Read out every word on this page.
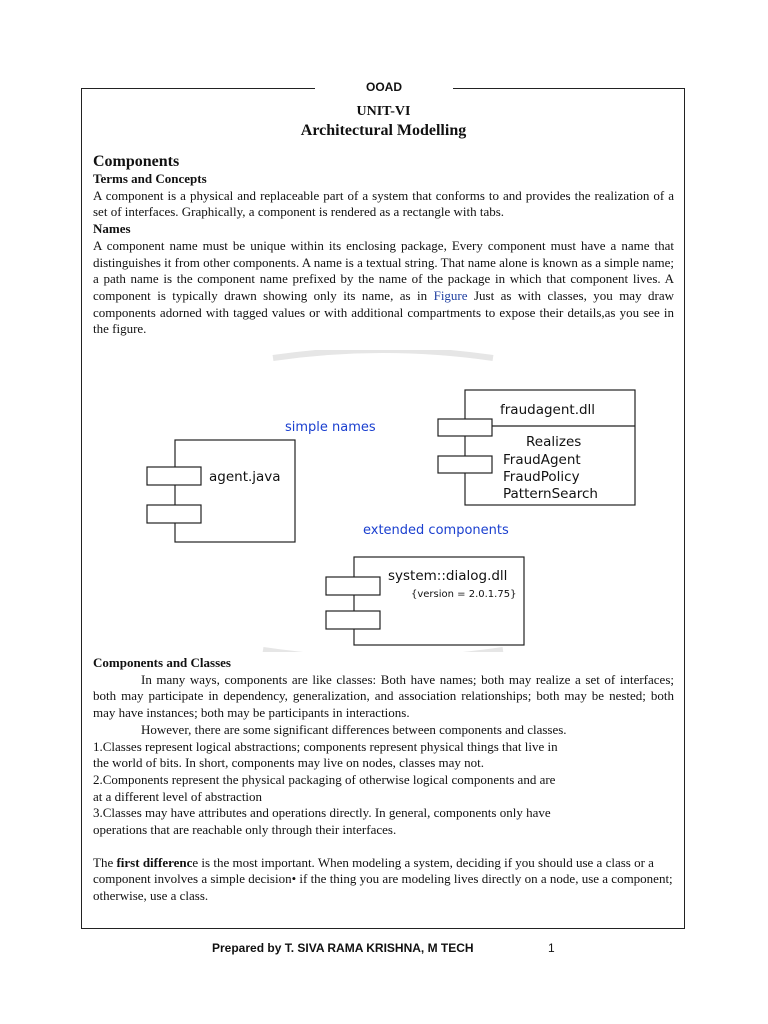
OOAD
UNIT-VI
Architectural Modelling
Components
Terms and Concepts

A component is a physical and replaceable part of a system that conforms to and provides the realization of a set of interfaces. Graphically, a component is rendered as a rectangle with tabs.

Names

A component name must be unique within its enclosing package, Every component must have a name that distinguishes it from other components. A name is a textual string. That name alone is known as a simple name; a path name is the component name prefixed by the name of the package in which that component lives. A component is typically drawn showing only its name, as in Figure Just as with classes, you may draw components adorned with tagged values or with additional compartments to expose their details,as you see in the figure.

simple names
extended components
agent.java
fraudagent.dll
Realizes
FraudAgent
FraudPolicy
PatternSearch
system::dialog.dll
{version = 2.0.1.75}
Components and Classes

In many ways, components are like classes: Both have names; both may realize a set of interfaces; both may participate in dependency, generalization, and association relationships; both may be nested; both may have instances; both may be participants in interactions.

However, there are some significant differences between components and classes.

1.Classes represent logical abstractions; components represent physical things that live in
the world of bits. In short, components may live on nodes, classes may not.

2.Components represent the physical packaging of otherwise logical components and are
at a different level of abstraction

3.Classes may have attributes and operations directly. In general, components only have
operations that are reachable only through their interfaces.

The first difference is the most important. When modeling a system, deciding if you should use a class or a component involves a simple decision• if the thing you are modeling lives directly on a node, use a component; otherwise, use a class.

Prepared by T. SIVA RAMA KRISHNA, M TECH	1
